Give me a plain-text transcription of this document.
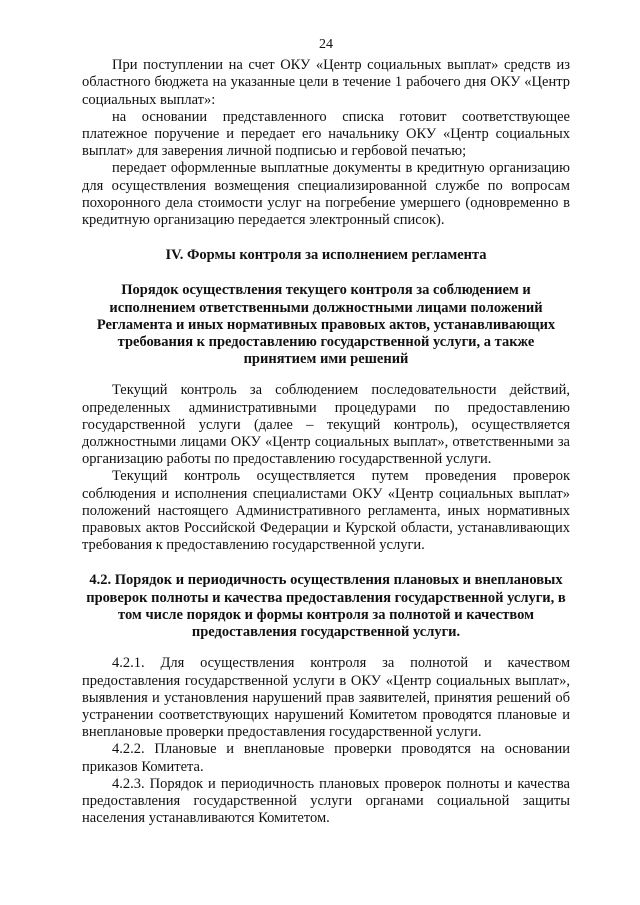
24

При поступлении на счет ОКУ «Центр социальных выплат» средств из областного бюджета на указанные цели в течение 1 рабочего дня ОКУ «Центр социальных выплат»:

на основании представленного списка готовит соответствующее платежное поручение и передает его начальнику ОКУ «Центр социальных выплат» для заверения личной подписью и гербовой печатью;

передает оформленные выплатные документы в кредитную организацию для осуществления возмещения специализированной службе по вопросам похоронного дела стоимости услуг на погребение умершего (одновременно в кредитную организацию передается электронный список).

IV. Формы контроля за исполнением регламента
Порядок осуществления текущего контроля за соблюдением и исполнением ответственными должностными лицами положений Регламента и иных нормативных правовых актов, устанавливающих требования к предоставлению государственной услуги, а также принятием ими решений

Текущий контроль за соблюдением последовательности действий, определенных административными процедурами по предоставлению государственной услуги (далее – текущий контроль), осуществляется должностными лицами ОКУ «Центр социальных выплат», ответственными за организацию работы по предоставлению государственной услуги.

Текущий контроль осуществляется путем проведения проверок соблюдения и исполнения специалистами ОКУ «Центр социальных выплат» положений настоящего Административного регламента, иных нормативных правовых актов Российской Федерации и Курской области, устанавливающих требования к предоставлению государственной услуги.

4.2. Порядок и периодичность осуществления плановых и внеплановых проверок полноты и качества предоставления государственной услуги, в том числе порядок и формы контроля за полнотой и качеством предоставления государственной услуги.

4.2.1. Для осуществления контроля за полнотой и качеством предоставления государственной услуги в ОКУ «Центр социальных выплат», выявления и установления нарушений прав заявителей, принятия решений об устранении соответствующих нарушений Комитетом проводятся плановые и внеплановые проверки предоставления государственной услуги.

4.2.2. Плановые и внеплановые проверки проводятся на основании приказов Комитета.

4.2.3. Порядок и периодичность плановых проверок полноты и качества предоставления государственной услуги органами социальной защиты населения устанавливаются Комитетом.
